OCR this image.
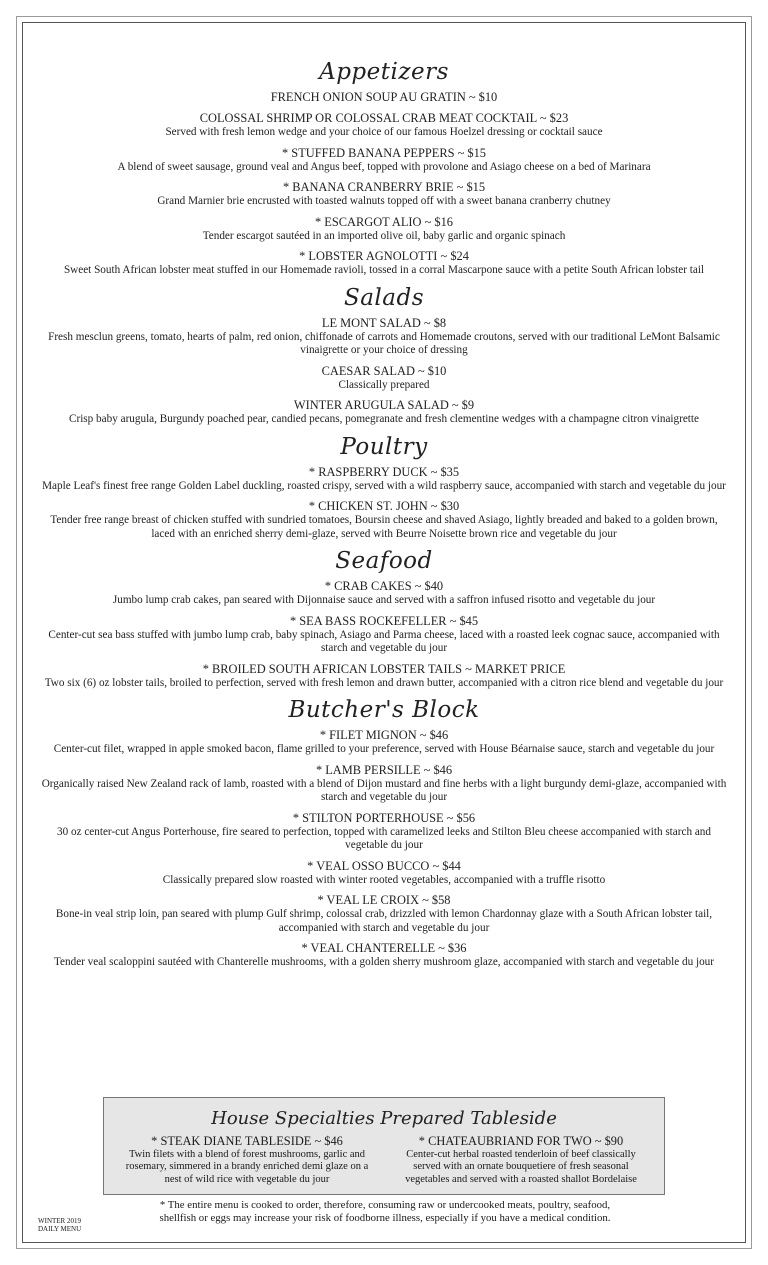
Appetizers
FRENCH ONION SOUP AU GRATIN ~ $10
COLOSSAL SHRIMP OR COLOSSAL CRAB MEAT COCKTAIL ~ $23
Served with fresh lemon wedge and your choice of our famous Hoelzel dressing or cocktail sauce
* STUFFED BANANA PEPPERS ~ $15
A blend of sweet sausage, ground veal and Angus beef, topped with provolone and Asiago cheese on a bed of Marinara
* BANANA CRANBERRY BRIE ~ $15
Grand Marnier brie encrusted with toasted walnuts topped off with a sweet banana cranberry chutney
* ESCARGOT ALIO ~ $16
Tender escargot sautéed in an imported olive oil, baby garlic and organic spinach
* LOBSTER AGNOLOTTI ~ $24
Sweet South African lobster meat stuffed in our Homemade ravioli, tossed in a corral Mascarpone sauce with a petite South African lobster tail
Salads
LE MONT SALAD ~ $8
Fresh mesclun greens, tomato, hearts of palm, red onion, chiffonade of carrots and Homemade croutons, served with our traditional LeMont Balsamic vinaigrette or your choice of dressing
CAESAR SALAD ~ $10
Classically prepared
WINTER ARUGULA SALAD ~ $9
Crisp baby arugula, Burgundy poached pear, candied pecans, pomegranate and fresh clementine wedges with a champagne citron vinaigrette
Poultry
* RASPBERRY DUCK ~ $35
Maple Leaf's finest free range Golden Label duckling, roasted crispy, served with a wild raspberry sauce, accompanied with starch and vegetable du jour
* CHICKEN ST. JOHN ~ $30
Tender free range breast of chicken stuffed with sundried tomatoes, Boursin cheese and shaved Asiago, lightly breaded and baked to a golden brown, laced with an enriched sherry demi-glaze, served with Beurre Noisette brown rice and vegetable du jour
Seafood
* CRAB CAKES ~ $40
Jumbo lump crab cakes, pan seared with Dijonnaise sauce and served with a saffron infused risotto and vegetable du jour
* SEA BASS ROCKEFELLER ~ $45
Center-cut sea bass stuffed with jumbo lump crab, baby spinach, Asiago and Parma cheese, laced with a roasted leek cognac sauce, accompanied with starch and vegetable du jour
* BROILED SOUTH AFRICAN LOBSTER TAILS ~ MARKET PRICE
Two six (6) oz lobster tails, broiled to perfection, served with fresh lemon and drawn butter, accompanied with a citron rice blend and vegetable du jour
Butcher's Block
* FILET MIGNON ~ $46
Center-cut filet, wrapped in apple smoked bacon, flame grilled to your preference, served with House Béarnaise sauce, starch and vegetable du jour
* LAMB PERSILLE ~ $46
Organically raised New Zealand rack of lamb, roasted with a blend of Dijon mustard and fine herbs with a light burgundy demi-glaze, accompanied with starch and vegetable du jour
* STILTON PORTERHOUSE ~ $56
30 oz center-cut Angus Porterhouse, fire seared to perfection, topped with caramelized leeks and Stilton Bleu cheese accompanied with starch and vegetable du jour
* VEAL OSSO BUCCO ~ $44
Classically prepared slow roasted with winter rooted vegetables, accompanied with a truffle risotto
* VEAL LE CROIX ~ $58
Bone-in veal strip loin, pan seared with plump Gulf shrimp, colossal crab, drizzled with lemon Chardonnay glaze with a South African lobster tail, accompanied with starch and vegetable du jour
* VEAL CHANTERELLE ~ $36
Tender veal scaloppini sautéed with Chanterelle mushrooms, with a golden sherry mushroom glaze, accompanied with starch and vegetable du jour
House Specialties Prepared Tableside
* STEAK DIANE TABLESIDE ~ $46
Twin filets with a blend of forest mushrooms, garlic and rosemary, simmered in a brandy enriched demi glaze on a nest of wild rice with vegetable du jour
* CHATEAUBRIAND FOR TWO ~ $90
Center-cut herbal roasted tenderloin of beef classically served with an ornate bouquetiere of fresh seasonal vegetables and served with a roasted shallot Bordelaise
* The entire menu is cooked to order, therefore, consuming raw or undercooked meats, poultry, seafood, shellfish or eggs may increase your risk of foodborne illness, especially if you have a medical condition.
WINTER 2019
DAILY MENU
